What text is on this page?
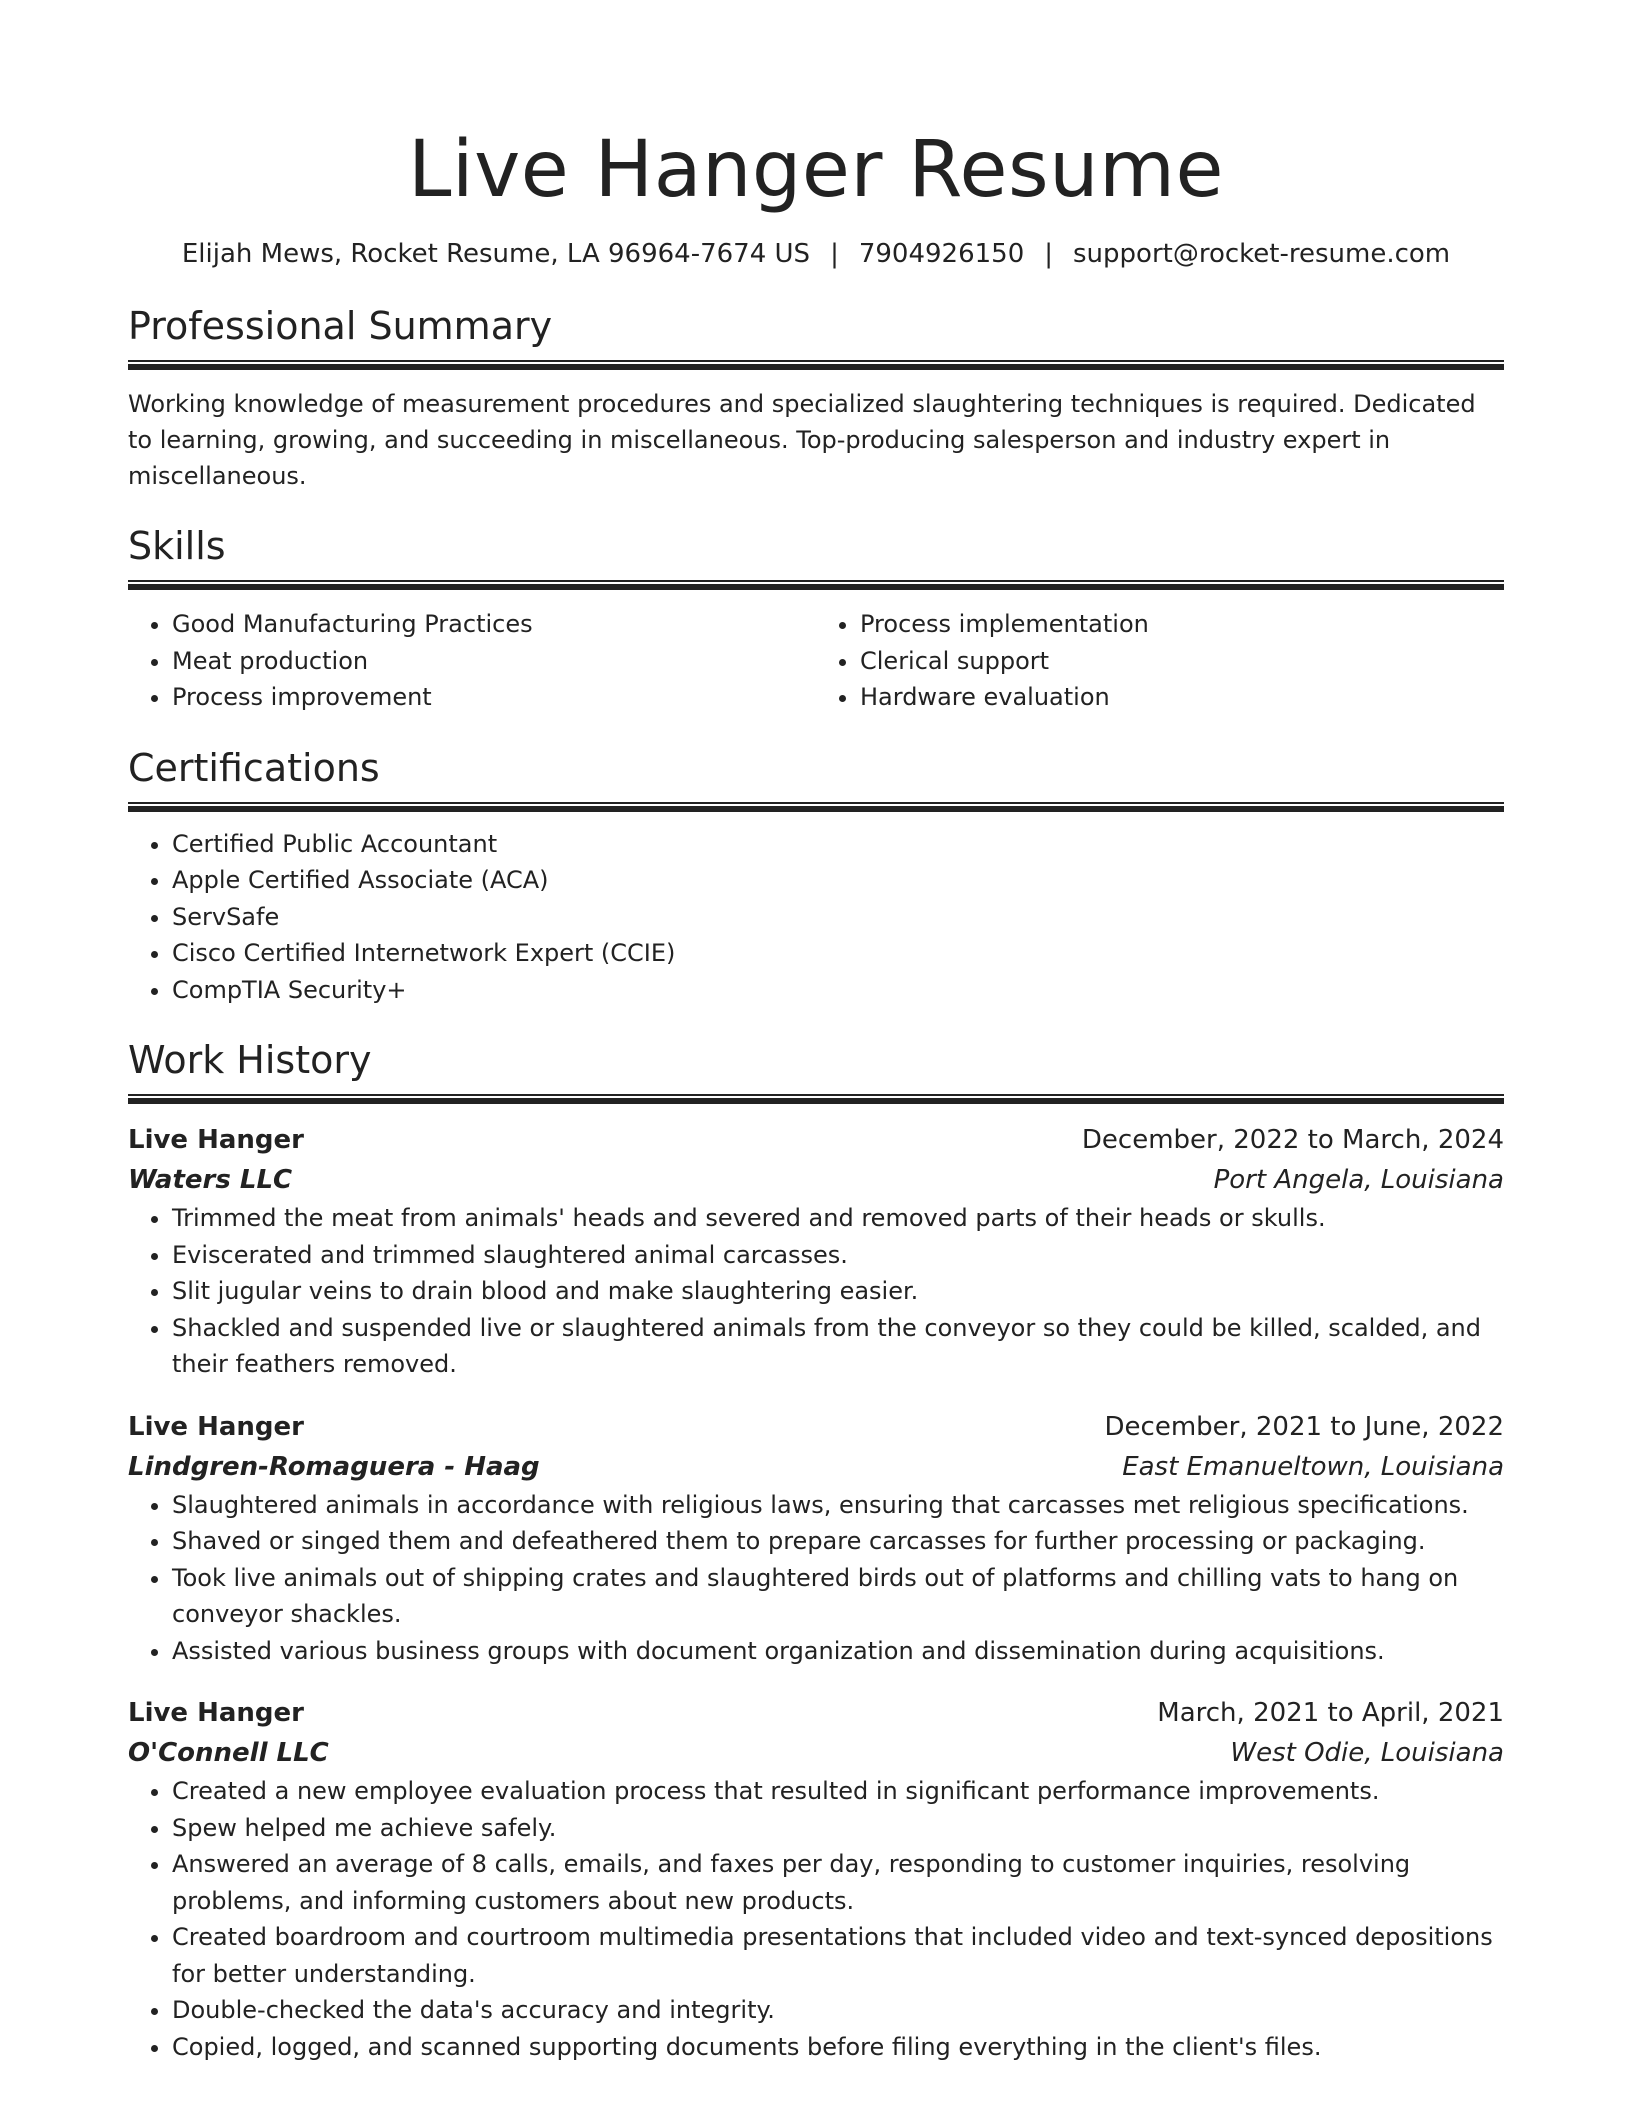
Live Hanger Resume
Elijah Mews, Rocket Resume, LA 96964-7674 US | 7904926150 | support@rocket-resume.com
Professional Summary

Working knowledge of measurement procedures and specialized slaughtering techniques is required. Dedicated to learning, growing, and succeeding in miscellaneous. Top-producing salesperson and industry expert in miscellaneous.

Skills
• Good Manufacturing Practices
• Meat production
• Process improvement
• Process implementation
• Clerical support
• Hardware evaluation
Certifications
• Certified Public Accountant
• Apple Certified Associate (ACA)
• ServSafe
• Cisco Certified Internetwork Expert (CCIE)
• CompTIA Security+
Work History
Live Hanger	December, 2022 to March, 2024
Waters LLC	Port Angela, Louisiana
• Trimmed the meat from animals' heads and severed and removed parts of their heads or skulls.
• Eviscerated and trimmed slaughtered animal carcasses.
• Slit jugular veins to drain blood and make slaughtering easier.
• Shackled and suspended live or slaughtered animals from the conveyor so they could be killed, scalded, and their feathers removed.
Live Hanger	December, 2021 to June, 2022
Lindgren-Romaguera - Haag	East Emanueltown, Louisiana
• Slaughtered animals in accordance with religious laws, ensuring that carcasses met religious specifications.
• Shaved or singed them and defeathered them to prepare carcasses for further processing or packaging.
• Took live animals out of shipping crates and slaughtered birds out of platforms and chilling vats to hang on conveyor shackles.
• Assisted various business groups with document organization and dissemination during acquisitions.
Live Hanger	March, 2021 to April, 2021
O'Connell LLC	West Odie, Louisiana
• Created a new employee evaluation process that resulted in significant performance improvements.
• Spew helped me achieve safely.
• Answered an average of 8 calls, emails, and faxes per day, responding to customer inquiries, resolving problems, and informing customers about new products.
• Created boardroom and courtroom multimedia presentations that included video and text-synced depositions for better understanding.
• Double-checked the data's accuracy and integrity.
• Copied, logged, and scanned supporting documents before filing everything in the client's files.
